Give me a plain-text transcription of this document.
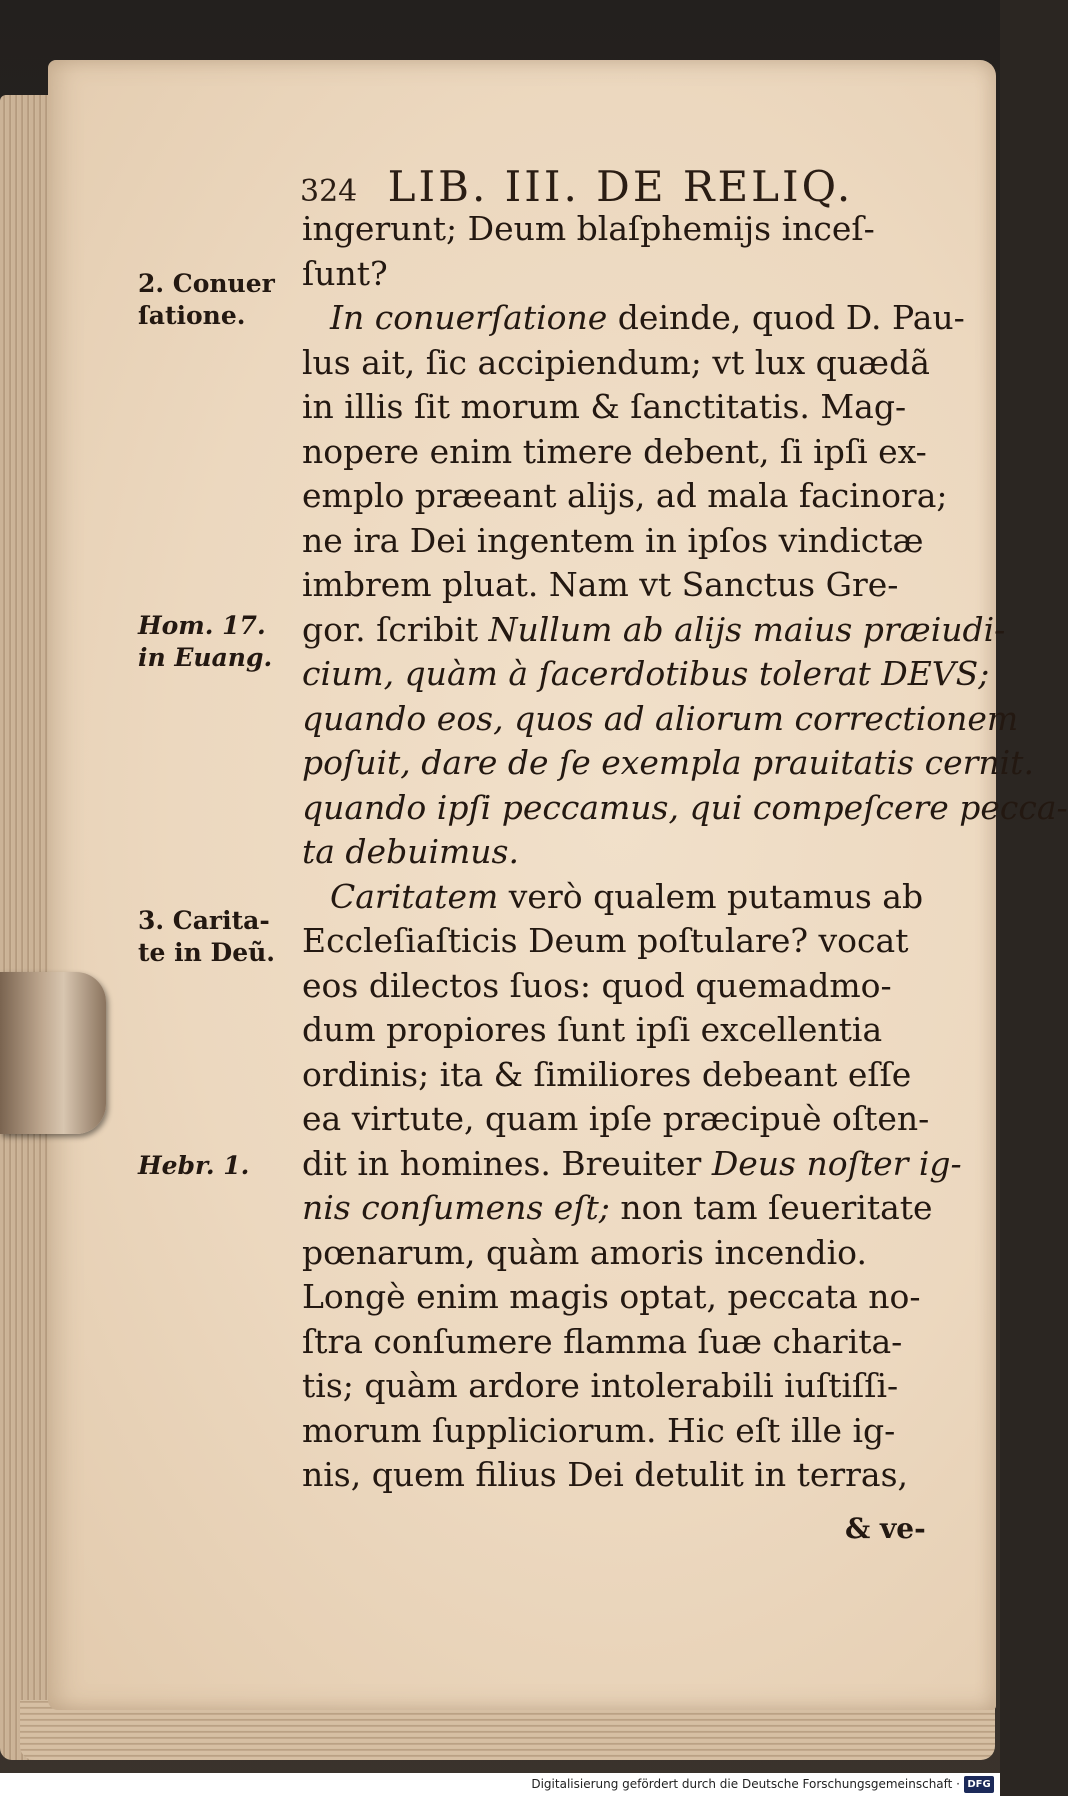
324 LIB. III. DE RELIQ.
ingerunt; Deum blaſphemijs inceſ-
ſunt?
In conuerſatione deinde, quod D. Pau-
lus ait, ſic accipiendum; vt lux quædã
in illis ſit morum & ſanctitatis. Mag-
nopere enim timere debent, ſi ipſi ex-
emplo præeant alijs, ad mala facinora;
ne ira Dei ingentem in ipſos vindictæ
imbrem pluat. Nam vt Sanctus Gre-
gor. ſcribit Nullum ab alijs maius præiudi-
cium, quàm à ſacerdotibus tolerat DEVS;
quando eos, quos ad aliorum correctionem
poſuit, dare de ſe exempla prauitatis cernit.
quando ipſi peccamus, qui compeſcere pecca-
ta debuimus.
Caritatem verò qualem putamus ab
Eccleſiaſticis Deum poſtulare? vocat
eos dilectos ſuos: quod quemadmo-
dum propiores ſunt ipſi excellentia
ordinis; ita & ſimiliores debeant eſſe
ea virtute, quam ipſe præcipuè oſten-
dit in homines. Breuiter Deus noſter ig-
nis conſumens eſt; non tam ſeueritate
pœnarum, quàm amoris incendio.
Longè enim magis optat, peccata no-
ſtra conſumere flamma ſuæ charita-
tis; quàm ardore intolerabili iuſtiſſi-
morum ſuppliciorum. Hic eſt ille ig-
nis, quem filius Dei detulit in terras,
2. Conuer
ſatione.
Hom. 17.
in Euang.
3. Carita-
te in Deũ.
Hebr. 1.
& ve-
Digitalisierung gefördert durch die Deutsche Forschungsgemeinschaft · DFG
